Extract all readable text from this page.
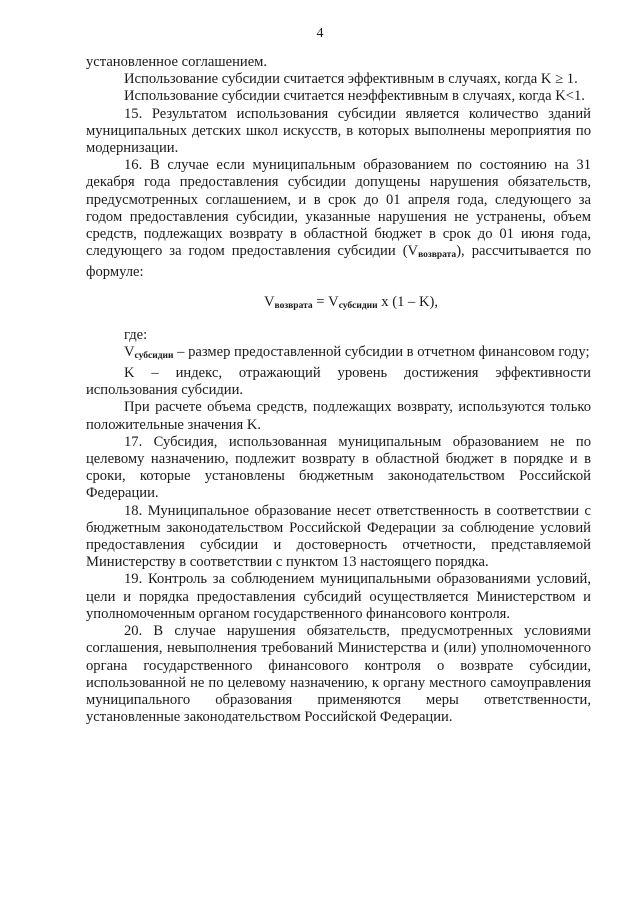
4

установленное соглашением.

Использование субсидии считается эффективным в случаях, когда K ≥ 1.

Использование субсидии считается неэффективным в случаях, когда K<1.

15. Результатом использования субсидии является количество зданий муниципальных детских школ искусств, в которых выполнены мероприятия по модернизации.

16. В случае если муниципальным образованием по состоянию на 31 декабря года предоставления субсидии допущены нарушения обязательств, предусмотренных соглашением, и в срок до 01 апреля года, следующего за годом предоставления субсидии, указанные нарушения не устранены, объем средств, подлежащих возврату в областной бюджет в срок до 01 июня года, следующего за годом предоставления субсидии $(V_{возврата})$, рассчитывается по формуле:

$V_{возврата} = V_{субсидии}$ x (1 – K),

где:

$V_{субсидии}$ – размер предоставленной субсидии в отчетном финансовом году;

K – индекс, отражающий уровень достижения эффективности использования субсидии.

При расчете объема средств, подлежащих возврату, используются только положительные значения K.

17. Субсидия, использованная муниципальным образованием не по целевому назначению, подлежит возврату в областной бюджет в порядке и в сроки, которые установлены бюджетным законодательством Российской Федерации.

18. Муниципальное образование несет ответственность в соответствии с бюджетным законодательством Российской Федерации за соблюдение условий предоставления субсидии и достоверность отчетности, представляемой Министерству в соответствии с пунктом 13 настоящего порядка.

19. Контроль за соблюдением муниципальными образованиями условий, цели и порядка предоставления субсидий осуществляется Министерством и уполномоченным органом государственного финансового контроля.

20. В случае нарушения обязательств, предусмотренных условиями соглашения, невыполнения требований Министерства и (или) уполномоченного органа государственного финансового контроля о возврате субсидии, использованной не по целевому назначению, к органу местного самоуправления муниципального образования применяются меры ответственности, установленные законодательством Российской Федерации.
